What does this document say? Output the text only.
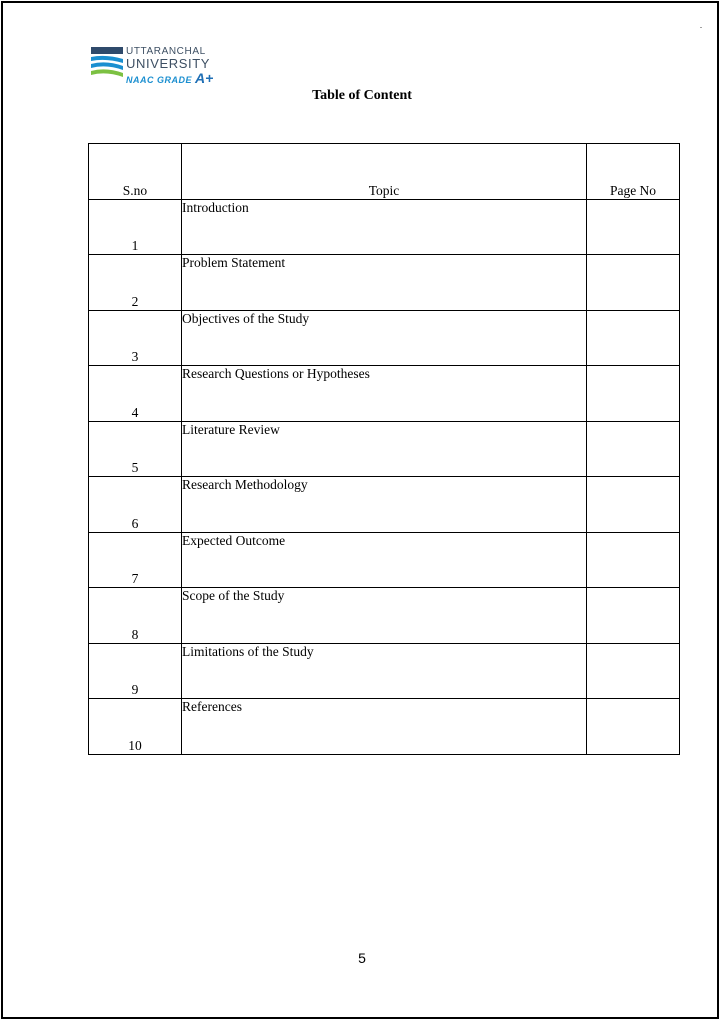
.
UTTARANCHAL
UNIVERSITY
NAAC GRADE A+
Table of Content
S.no	Topic	Page No
1	Introduction	
2	Problem Statement	
3	Objectives of the Study	
4	Research Questions or Hypotheses	
5	Literature Review	
6	Research Methodology	
7	Expected Outcome	
8	Scope of the Study	
9	Limitations of the Study	
10	References	
5
